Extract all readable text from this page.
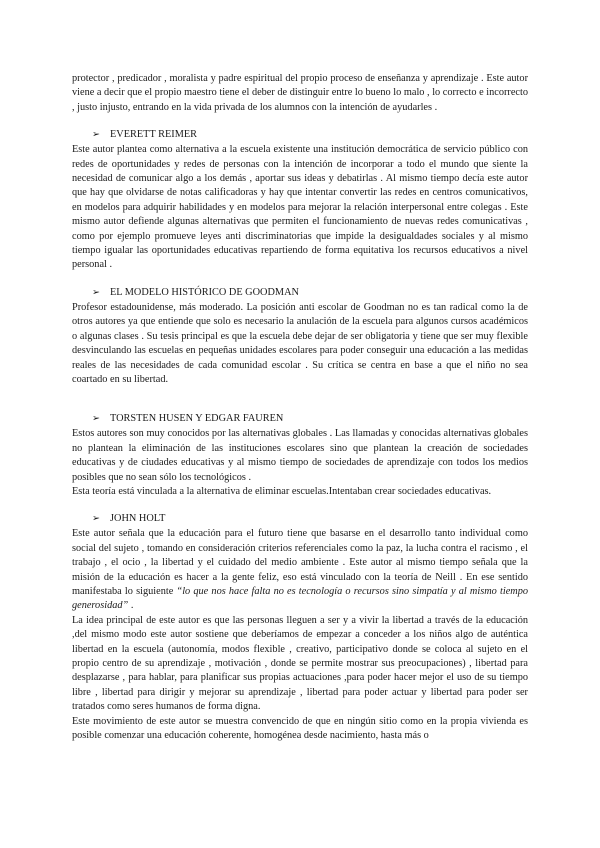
protector , predicador , moralista y padre espiritual del propio proceso de enseñanza y aprendizaje . Este autor viene a decir que el propio maestro tiene el deber de distinguir entre lo bueno lo malo , lo correcto e incorrecto , justo injusto, entrando en la vida privada de los alumnos con la intención de ayudarles .

➢ EVERETT REIMER

Este autor plantea como alternativa a la escuela existente una institución democrática de servicio público con redes de oportunidades y redes de personas con la intención de incorporar a todo el mundo que siente la necesidad de comunicar algo a los demás , aportar sus ideas y debatirlas . Al mismo tiempo decía este autor que hay que olvidarse de notas calificadoras y hay que intentar convertir las redes en centros comunicativos, en modelos para adquirir habilidades y en modelos para mejorar la relación interpersonal entre colegas . Este mismo autor defiende algunas alternativas que permiten el funcionamiento de nuevas redes comunicativas , como por ejemplo promueve leyes anti discriminatorias que impide la desigualdades sociales y al mismo tiempo igualar las oportunidades educativas repartiendo de forma equitativa los recursos educativos a nivel personal .

➢ EL MODELO HISTÓRICO DE GOODMAN

Profesor estadounidense, más moderado. La posición anti escolar de Goodman no es tan radical como la de otros autores ya que entiende que solo es necesario la anulación de la escuela para algunos cursos académicos o algunas clases . Su tesis principal es que la escuela debe dejar de ser obligatoria y tiene que ser muy flexible desvinculando las escuelas en pequeñas unidades escolares para poder conseguir una educación a las medidas reales de las necesidades de cada comunidad escolar . Su crítica se centra en base a que el niño no sea coartado en su libertad.

➢ TORSTEN HUSEN Y EDGAR FAUREN

Estos autores son muy conocidos por las alternativas globales . Las llamadas y conocidas alternativas globales no plantean la eliminación de las instituciones escolares sino que plantean la creación de sociedades educativas y de ciudades educativas y al mismo tiempo de sociedades de aprendizaje con todos los medios posibles que no sean sólo los tecnológicos .

Esta teoría está vinculada a la alternativa de eliminar escuelas.Intentaban crear sociedades educativas.

➢ JOHN HOLT

Este autor señala que la educación para el futuro tiene que basarse en el desarrollo tanto individual como social del sujeto , tomando en consideración criterios referenciales como la paz, la lucha contra el racismo , el trabajo , el ocio , la libertad y el cuidado del medio ambiente . Este autor al mismo tiempo señala que la misión de la educación es hacer a la gente feliz, eso está vinculado con la teoría de Neill . En ese sentido manifestaba lo siguiente “lo que nos hace falta no es tecnología o recursos sino simpatía y al mismo tiempo generosidad” .

La idea principal de este autor es que las personas lleguen a ser y a vivir la libertad a través de la educación ,del mismo modo este autor sostiene que deberíamos de empezar a conceder a los niños algo de auténtica libertad en la escuela (autonomía, modos flexible , creativo, participativo donde se coloca al sujeto en el propio centro de su aprendizaje , motivación , donde se permite mostrar sus preocupaciones) , libertad para desplazarse , para hablar, para planificar sus propias actuaciones ,para poder hacer mejor el uso de su tiempo libre , libertad para dirigir y mejorar su aprendizaje , libertad para poder actuar y libertad para poder ser tratados como seres humanos de forma digna.

Este movimiento de este autor se muestra convencido de que en ningún sitio como en la propia vivienda es posible comenzar una educación coherente, homogénea desde nacimiento, hasta más o
